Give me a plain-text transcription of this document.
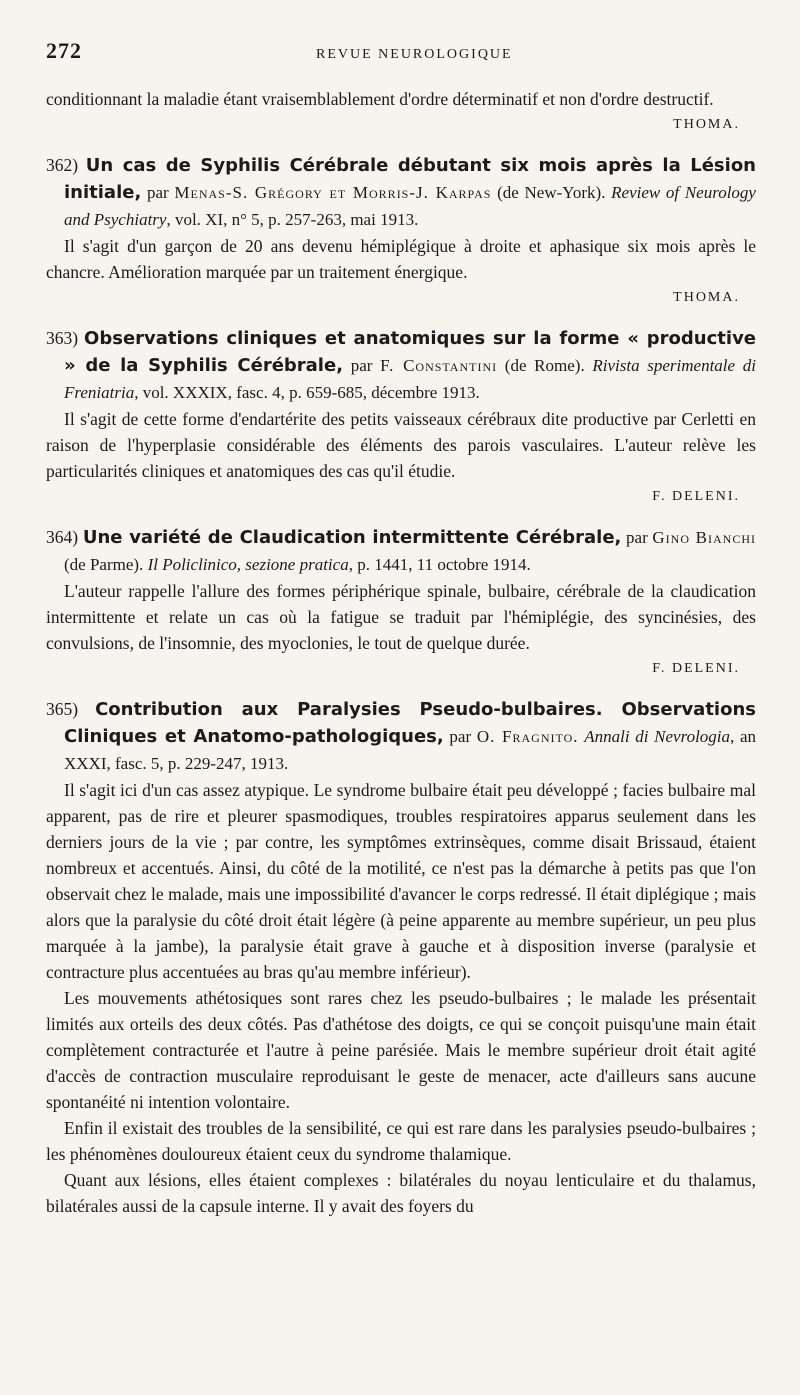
272	REVUE NEUROLOGIQUE

conditionnant la maladie étant vraisemblablement d'ordre déterminatif et non d'ordre destructif.

THOMA.
362) Un cas de Syphilis Cérébrale débutant six mois après la Lésion initiale, par Menas-S. Grégory et Morris-J. Karpas (de New-York). Review of Neurology and Psychiatry, vol. XI, n° 5, p. 257-263, mai 1913.

Il s'agit d'un garçon de 20 ans devenu hémiplégique à droite et aphasique six mois après le chancre. Amélioration marquée par un traitement énergique.

THOMA.
363) Observations cliniques et anatomiques sur la forme « productive » de la Syphilis Cérébrale, par F. Constantini (de Rome). Rivista sperimentale di Freniatria, vol. XXXIX, fasc. 4, p. 659-685, décembre 1913.

Il s'agit de cette forme d'endartérite des petits vaisseaux cérébraux dite productive par Cerletti en raison de l'hyperplasie considérable des éléments des parois vasculaires. L'auteur relève les particularités cliniques et anatomiques des cas qu'il étudie.

F. DELENI.
364) Une variété de Claudication intermittente Cérébrale, par Gino Bianchi (de Parme). Il Policlinico, sezione pratica, p. 1441, 11 octobre 1914.

L'auteur rappelle l'allure des formes périphérique spinale, bulbaire, cérébrale de la claudication intermittente et relate un cas où la fatigue se traduit par l'hémiplégie, des syncinésies, des convulsions, de l'insomnie, des myoclonies, le tout de quelque durée.

F. DELENI.
365) Contribution aux Paralysies Pseudo-bulbaires. Observations Cliniques et Anatomo-pathologiques, par O. Fragnito. Annali di Nevrologia, an XXXI, fasc. 5, p. 229-247, 1913.

Il s'agit ici d'un cas assez atypique. Le syndrome bulbaire était peu développé ; facies bulbaire mal apparent, pas de rire et pleurer spasmodiques, troubles respiratoires apparus seulement dans les derniers jours de la vie ; par contre, les symptômes extrinsèques, comme disait Brissaud, étaient nombreux et accentués. Ainsi, du côté de la motilité, ce n'est pas la démarche à petits pas que l'on observait chez le malade, mais une impossibilité d'avancer le corps redressé. Il était diplégique ; mais alors que la paralysie du côté droit était légère (à peine apparente au membre supérieur, un peu plus marquée à la jambe), la paralysie était grave à gauche et à disposition inverse (paralysie et contracture plus accentuées au bras qu'au membre inférieur).

Les mouvements athétosiques sont rares chez les pseudo-bulbaires ; le malade les présentait limités aux orteils des deux côtés. Pas d'athétose des doigts, ce qui se conçoit puisqu'une main était complètement contracturée et l'autre à peine parésiée. Mais le membre supérieur droit était agité d'accès de contraction musculaire reproduisant le geste de menacer, acte d'ailleurs sans aucune spontanéité ni intention volontaire.

Enfin il existait des troubles de la sensibilité, ce qui est rare dans les paralysies pseudo-bulbaires ; les phénomènes douloureux étaient ceux du syndrome thalamique.

Quant aux lésions, elles étaient complexes : bilatérales du noyau lenticulaire et du thalamus, bilatérales aussi de la capsule interne. Il y avait des foyers du
